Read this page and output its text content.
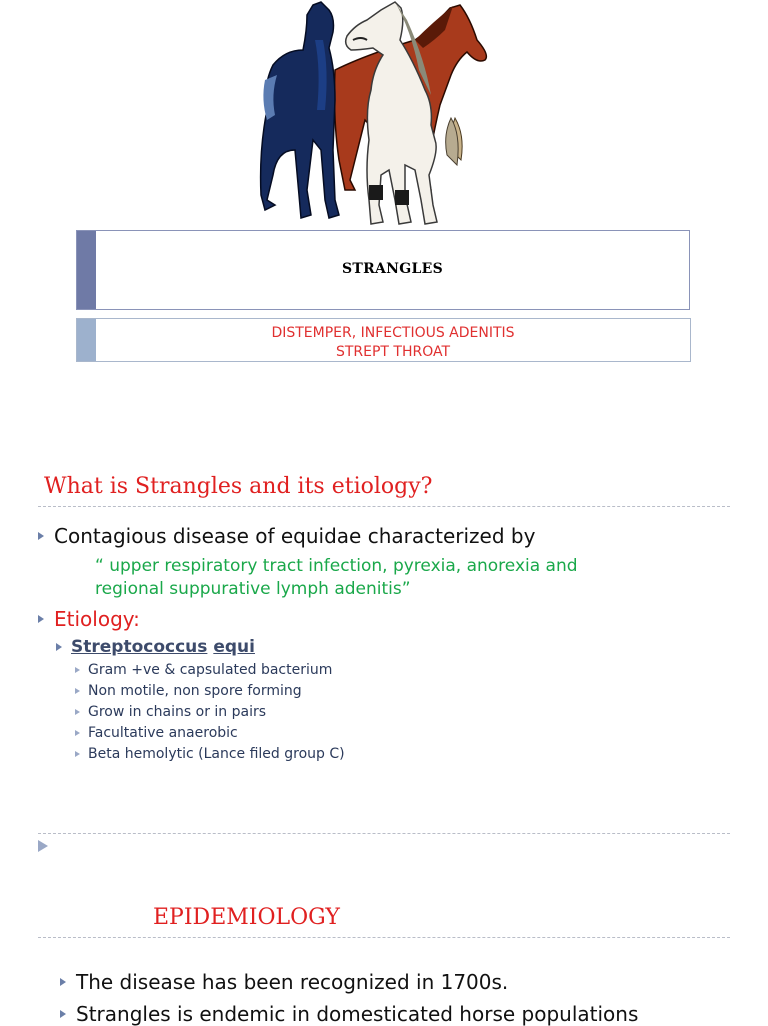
STRANGLES
DISTEMPER, INFECTIOUS ADENITIS
STREPT THROAT
What is Strangles and its etiology?
Contagious disease of equidae characterized by
“ upper respiratory tract infection, pyrexia, anorexia and
regional suppurative lymph adenitis”
Etiology:
Streptococcus equi
Gram +ve & capsulated bacterium
Non motile, non spore forming
Grow in chains or in pairs
Facultative anaerobic
Beta hemolytic (Lance filed group C)
EPIDEMIOLOGY
The disease has been recognized in 1700s.
Strangles is endemic in domesticated horse populations
